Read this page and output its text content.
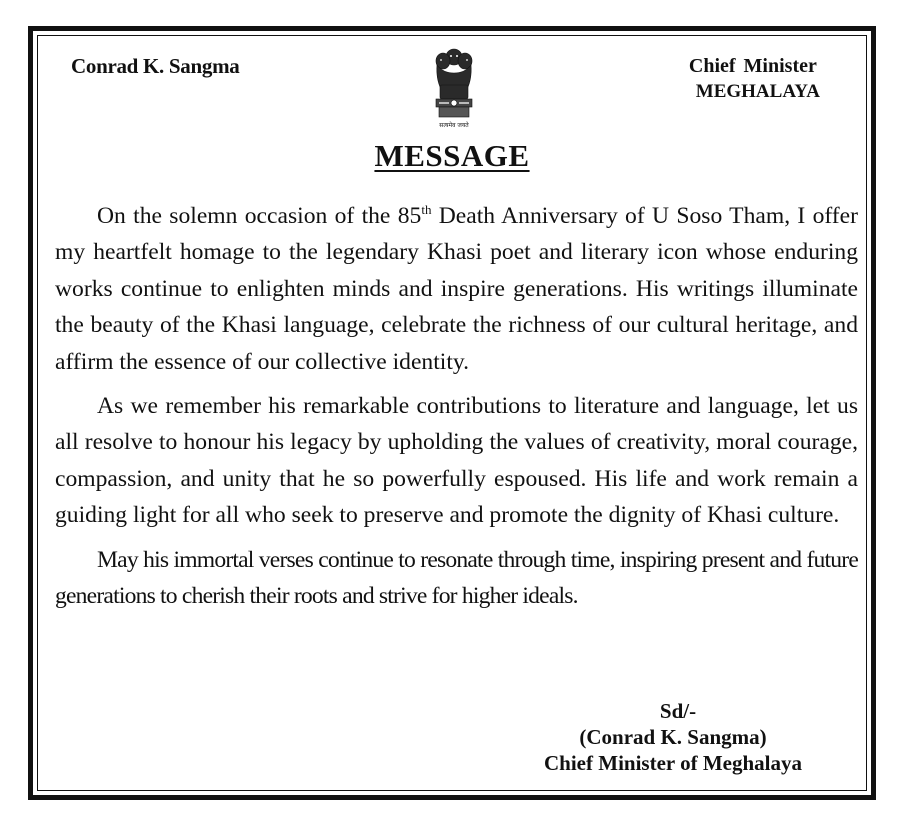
Conrad K. Sangma
सत्यमेव जयते
Chief Minister
MEGHALAYA
MESSAGE

On the solemn occasion of the 85th Death Anniversary of U Soso Tham, I offer my heartfelt homage to the legendary Khasi poet and literary icon whose enduring works continue to enlighten minds and inspire generations. His writings illuminate the beauty of the Khasi language, celebrate the richness of our cultural heritage, and affirm the essence of our collective identity.

As we remember his remarkable contributions to literature and language, let us all resolve to honour his legacy by upholding the values of creativity, moral courage, compassion, and unity that he so powerfully espoused. His life and work remain a guiding light for all who seek to preserve and promote the dignity of Khasi culture.

May his immortal verses continue to resonate through time, inspiring present and future generations to cherish their roots and strive for higher ideals.

Sd/-
(Conrad K. Sangma)
Chief Minister of Meghalaya
